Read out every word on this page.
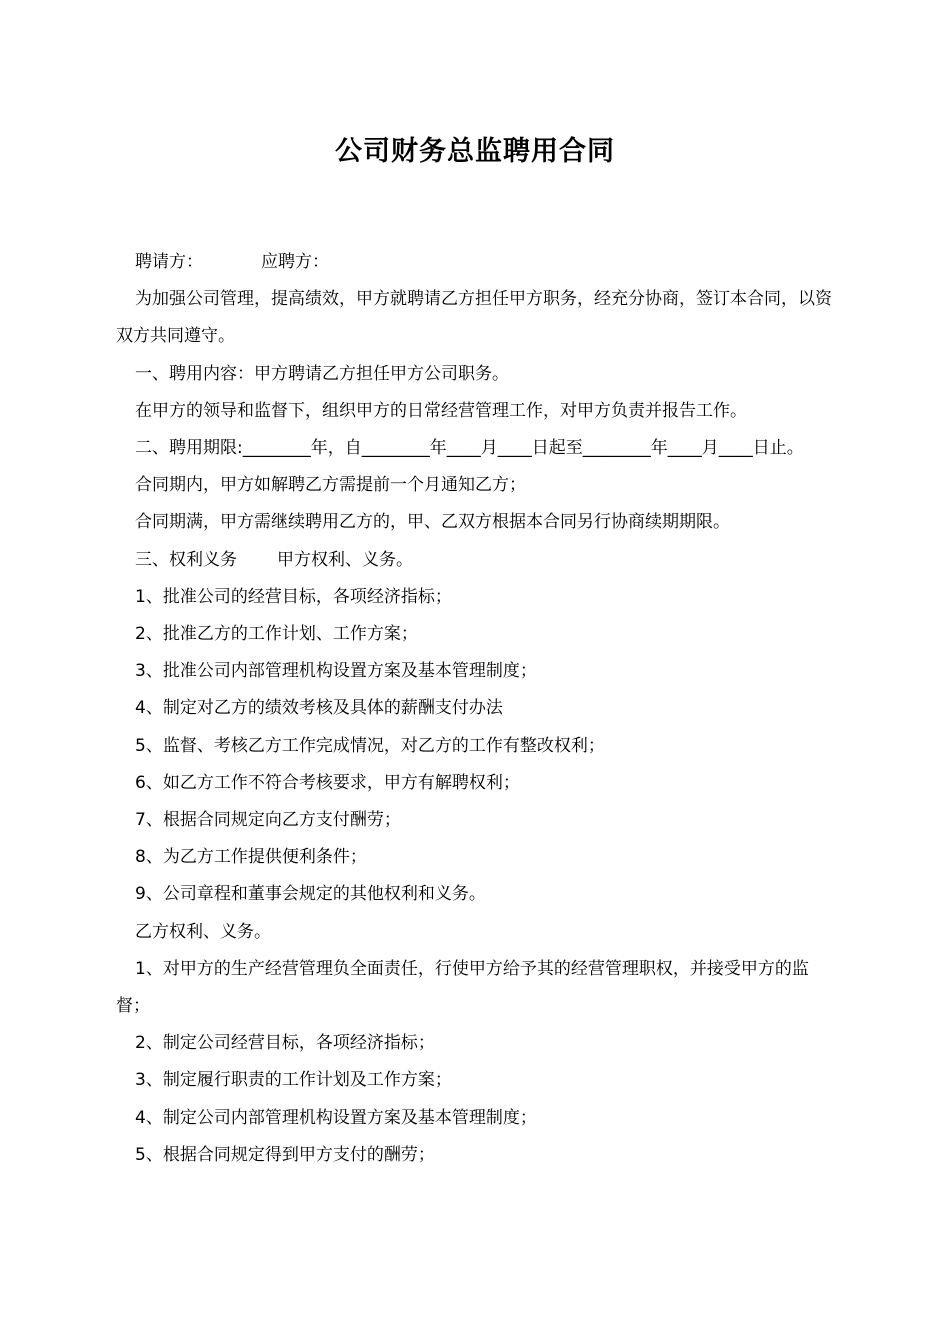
公司财务总监聘用合同

聘请方：	应聘方：

为加强公司管理，提高绩效，甲方就聘请乙方担任甲方职务，经充分协商，签订本合同，以资双方共同遵守。

一、聘用内容：甲方聘请乙方担任甲方公司职务。

在甲方的领导和监督下，组织甲方的日常经营管理工作，对甲方负责并报告工作。

二、聘用期限:________年，自________年____月____日起至________年____月____日止。

合同期内，甲方如解聘乙方需提前一个月通知乙方；

合同期满，甲方需继续聘用乙方的，甲、乙双方根据本合同另行协商续期期限。

三、权利义务 甲方权利、义务。

1、批准公司的经营目标，各项经济指标；

2、批准乙方的工作计划、工作方案；

3、批准公司内部管理机构设置方案及基本管理制度；

4、制定对乙方的绩效考核及具体的薪酬支付办法

5、监督、考核乙方工作完成情况，对乙方的工作有整改权利；

6、如乙方工作不符合考核要求，甲方有解聘权利；

7、根据合同规定向乙方支付酬劳；

8、为乙方工作提供便利条件；

9、公司章程和董事会规定的其他权利和义务。

乙方权利、义务。

1、对甲方的生产经营管理负全面责任，行使甲方给予其的经营管理职权，并接受甲方的监督；

2、制定公司经营目标，各项经济指标；

3、制定履行职责的工作计划及工作方案；

4、制定公司内部管理机构设置方案及基本管理制度；

5、根据合同规定得到甲方支付的酬劳；
